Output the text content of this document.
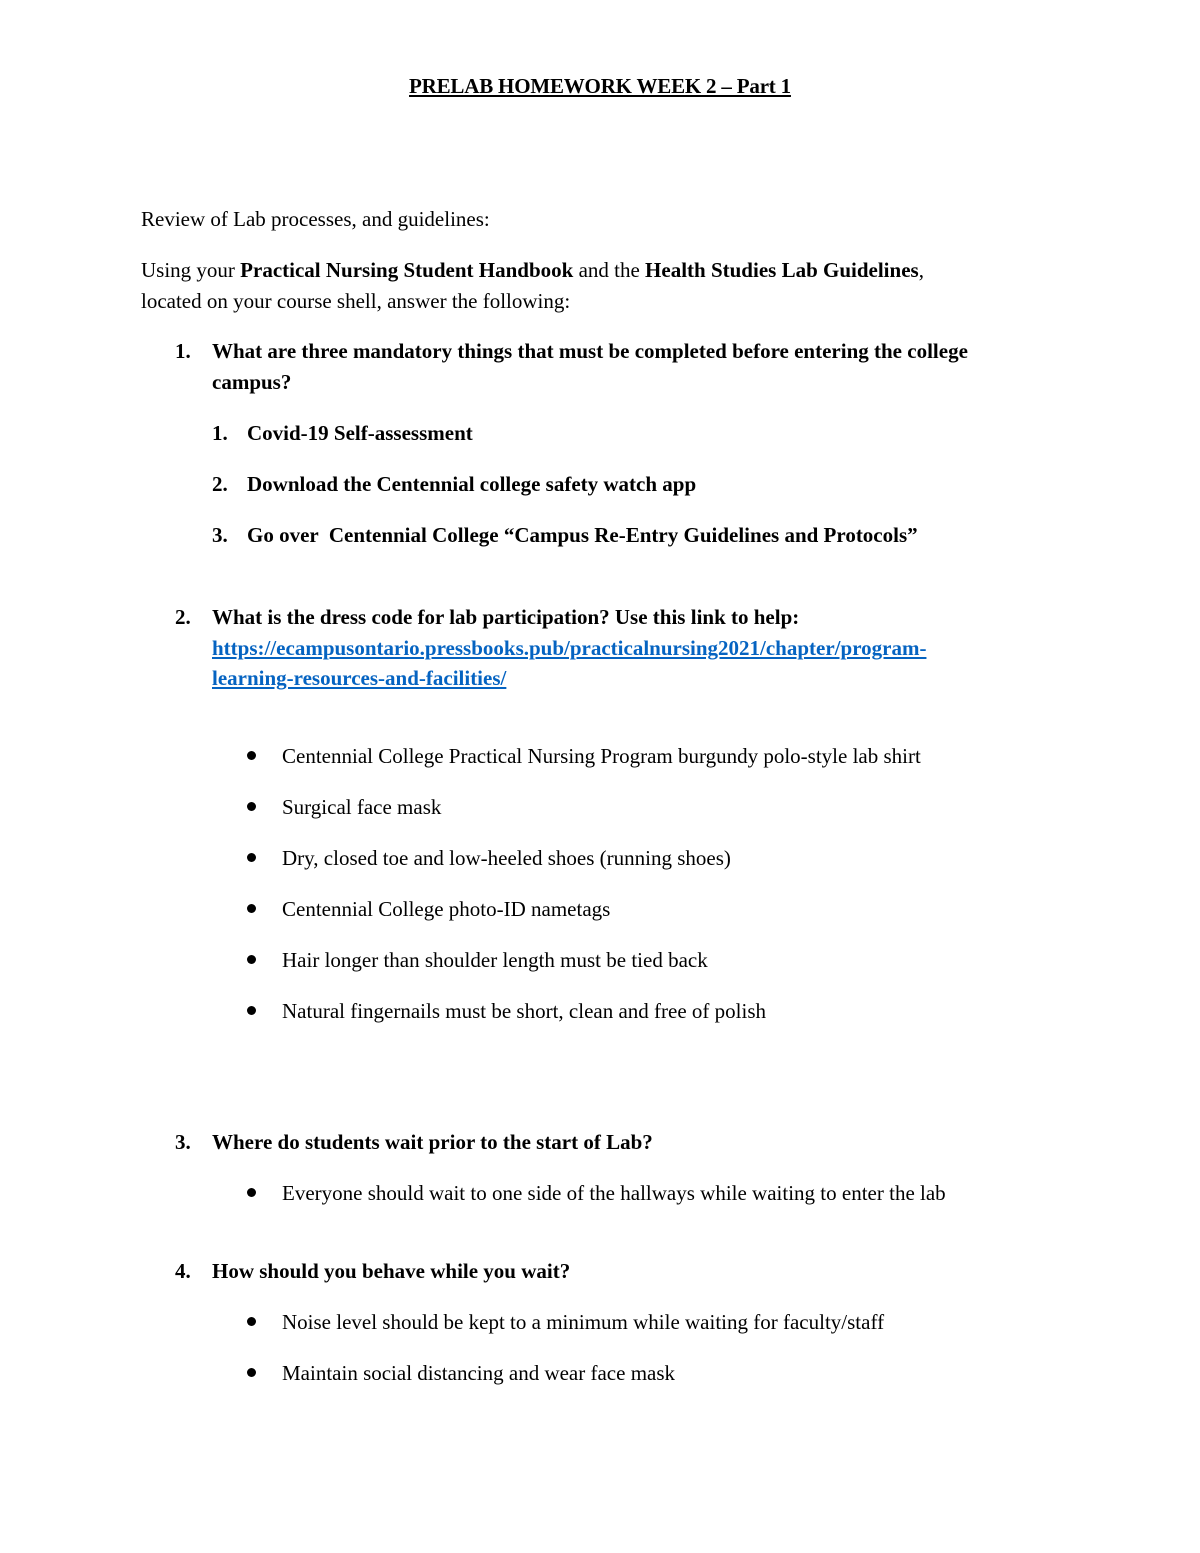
PRELAB HOMEWORK WEEK 2 – Part 1
Review of Lab processes, and guidelines:
Using your Practical Nursing Student Handbook and the Health Studies Lab Guidelines,
located on your course shell, answer the following:
1. What are three mandatory things that must be completed before entering the college
campus?
1. Covid-19 Self-assessment
2. Download the Centennial college safety watch app
3. Go over  Centennial College “Campus Re-Entry Guidelines and Protocols”
2. What is the dress code for lab participation? Use this link to help:
https://ecampusontario.pressbooks.pub/practicalnursing2021/chapter/program-
learning-resources-and-facilities/
Centennial College Practical Nursing Program burgundy polo-style lab shirt
Surgical face mask
Dry, closed toe and low-heeled shoes (running shoes)
Centennial College photo-ID nametags
Hair longer than shoulder length must be tied back
Natural fingernails must be short, clean and free of polish
3. Where do students wait prior to the start of Lab?
Everyone should wait to one side of the hallways while waiting to enter the lab
4. How should you behave while you wait?
Noise level should be kept to a minimum while waiting for faculty/staff
Maintain social distancing and wear face mask
